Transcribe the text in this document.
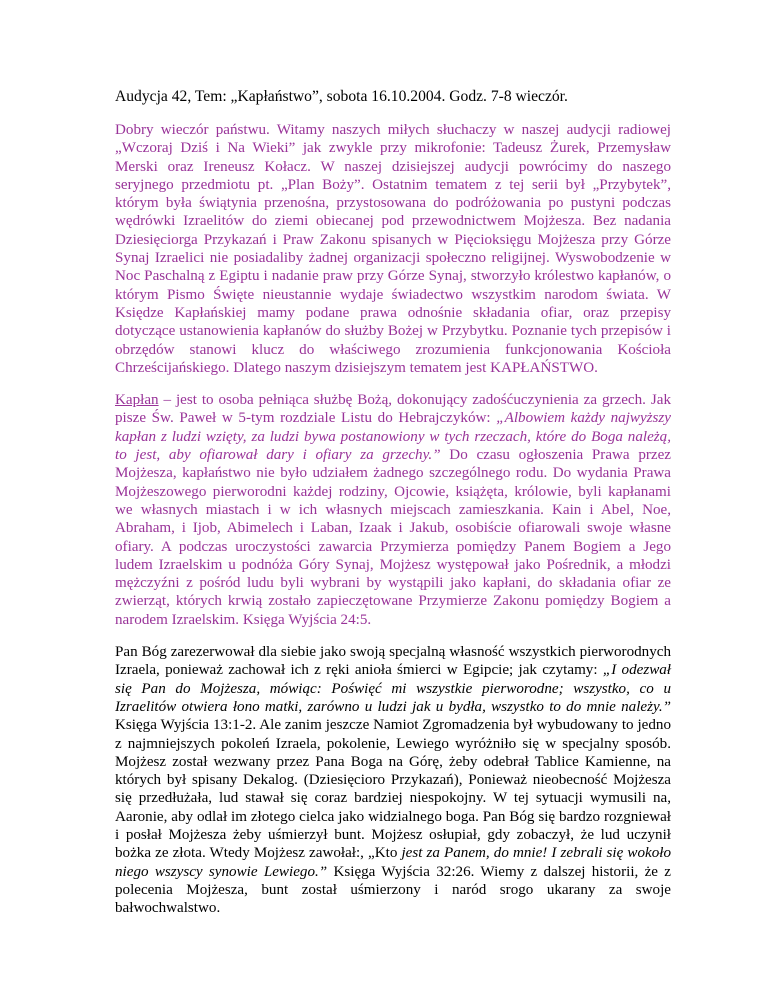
Audycja 42, Tem: „Kapłaństwo”, sobota 16.10.2004. Godz. 7-8 wieczór.

Dobry wieczór państwu. Witamy naszych miłych słuchaczy w naszej audycji radiowej „Wczoraj Dziś i Na Wieki” jak zwykle przy mikrofonie: Tadeusz Żurek, Przemysław Merski oraz Ireneusz Kołacz. W naszej dzisiejszej audycji powrócimy do naszego seryjnego przedmiotu pt. „Plan Boży”. Ostatnim tematem z tej serii był „Przybytek”, którym była świątynia przenośna, przystosowana do podróżowania po pustyni podczas wędrówki Izraelitów do ziemi obiecanej pod przewodnictwem Mojżesza. Bez nadania Dziesięciorga Przykazań i Praw Zakonu spisanych w Pięcioksięgu Mojżesza przy Górze Synaj Izraelici nie posiadaliby żadnej organizacji społeczno religijnej. Wyswobodzenie w Noc Paschalną z Egiptu i nadanie praw przy Górze Synaj, stworzyło królestwo kapłanów, o którym Pismo Święte nieustannie wydaje świadectwo wszystkim narodom świata. W Księdze Kapłańskiej mamy podane prawa odnośnie składania ofiar, oraz przepisy dotyczące ustanowienia kapłanów do służby Bożej w Przybytku. Poznanie tych przepisów i obrzędów stanowi klucz do właściwego zrozumienia funkcjonowania Kościoła Chrześcijańskiego. Dlatego naszym dzisiejszym tematem jest KAPŁAŃSTWO.

Kapłan – jest to osoba pełniąca służbę Bożą, dokonujący zadośćuczynienia za grzech. Jak pisze Św. Paweł w 5-tym rozdziale Listu do Hebrajczyków: „Albowiem każdy najwyższy kapłan z ludzi wzięty, za ludzi bywa postanowiony w tych rzeczach, które do Boga należą, to jest, aby ofiarował dary i ofiary za grzechy.” Do czasu ogłoszenia Prawa przez Mojżesza, kapłaństwo nie było udziałem żadnego szczególnego rodu. Do wydania Prawa Mojżeszowego pierworodni każdej rodziny, Ojcowie, książęta, królowie, byli kapłanami we własnych miastach i w ich własnych miejscach zamieszkania. Kain i Abel, Noe, Abraham, i Ijob, Abimelech i Laban, Izaak i Jakub, osobiście ofiarowali swoje własne ofiary. A podczas uroczystości zawarcia Przymierza pomiędzy Panem Bogiem a Jego ludem Izraelskim u podnóża Góry Synaj, Mojżesz występował jako Pośrednik, a młodzi mężczyźni z pośród ludu byli wybrani by wystąpili jako kapłani, do składania ofiar ze zwierząt, których krwią zostało zapieczętowane Przymierze Zakonu pomiędzy Bogiem a narodem Izraelskim. Księga Wyjścia 24:5.

Pan Bóg zarezerwował dla siebie jako swoją specjalną własność wszystkich pierworodnych Izraela, ponieważ zachował ich z ręki anioła śmierci w Egipcie; jak czytamy: „I odezwał się Pan do Mojżesza, mówiąc: Poświęć mi wszystkie pierworodne; wszystko, co u Izraelitów otwiera łono matki, zarówno u ludzi jak u bydła, wszystko to do mnie należy.” Księga Wyjścia 13:1-2. Ale zanim jeszcze Namiot Zgromadzenia był wybudowany to jedno z najmniejszych pokoleń Izraela, pokolenie, Lewiego wyróżniło się w specjalny sposób. Mojżesz został wezwany przez Pana Boga na Górę, żeby odebrał Tablice Kamienne, na których był spisany Dekalog. (Dziesięcioro Przykazań), Ponieważ nieobecność Mojżesza się przedłużała, lud stawał się coraz bardziej niespokojny. W tej sytuacji wymusili na, Aaronie, aby odlał im złotego cielca jako widzialnego boga. Pan Bóg się bardzo rozgniewał i posłał Mojżesza żeby uśmierzył bunt. Mojżesz osłupiał, gdy zobaczył, że lud uczynił bożka ze złota. Wtedy Mojżesz zawołał:, „Kto jest za Panem, do mnie! I zebrali się wokoło niego wszyscy synowie Lewiego.” Księga Wyjścia 32:26. Wiemy z dalszej historii, że z polecenia Mojżesza, bunt został uśmierzony i naród srogo ukarany za swoje bałwochwalstwo.
